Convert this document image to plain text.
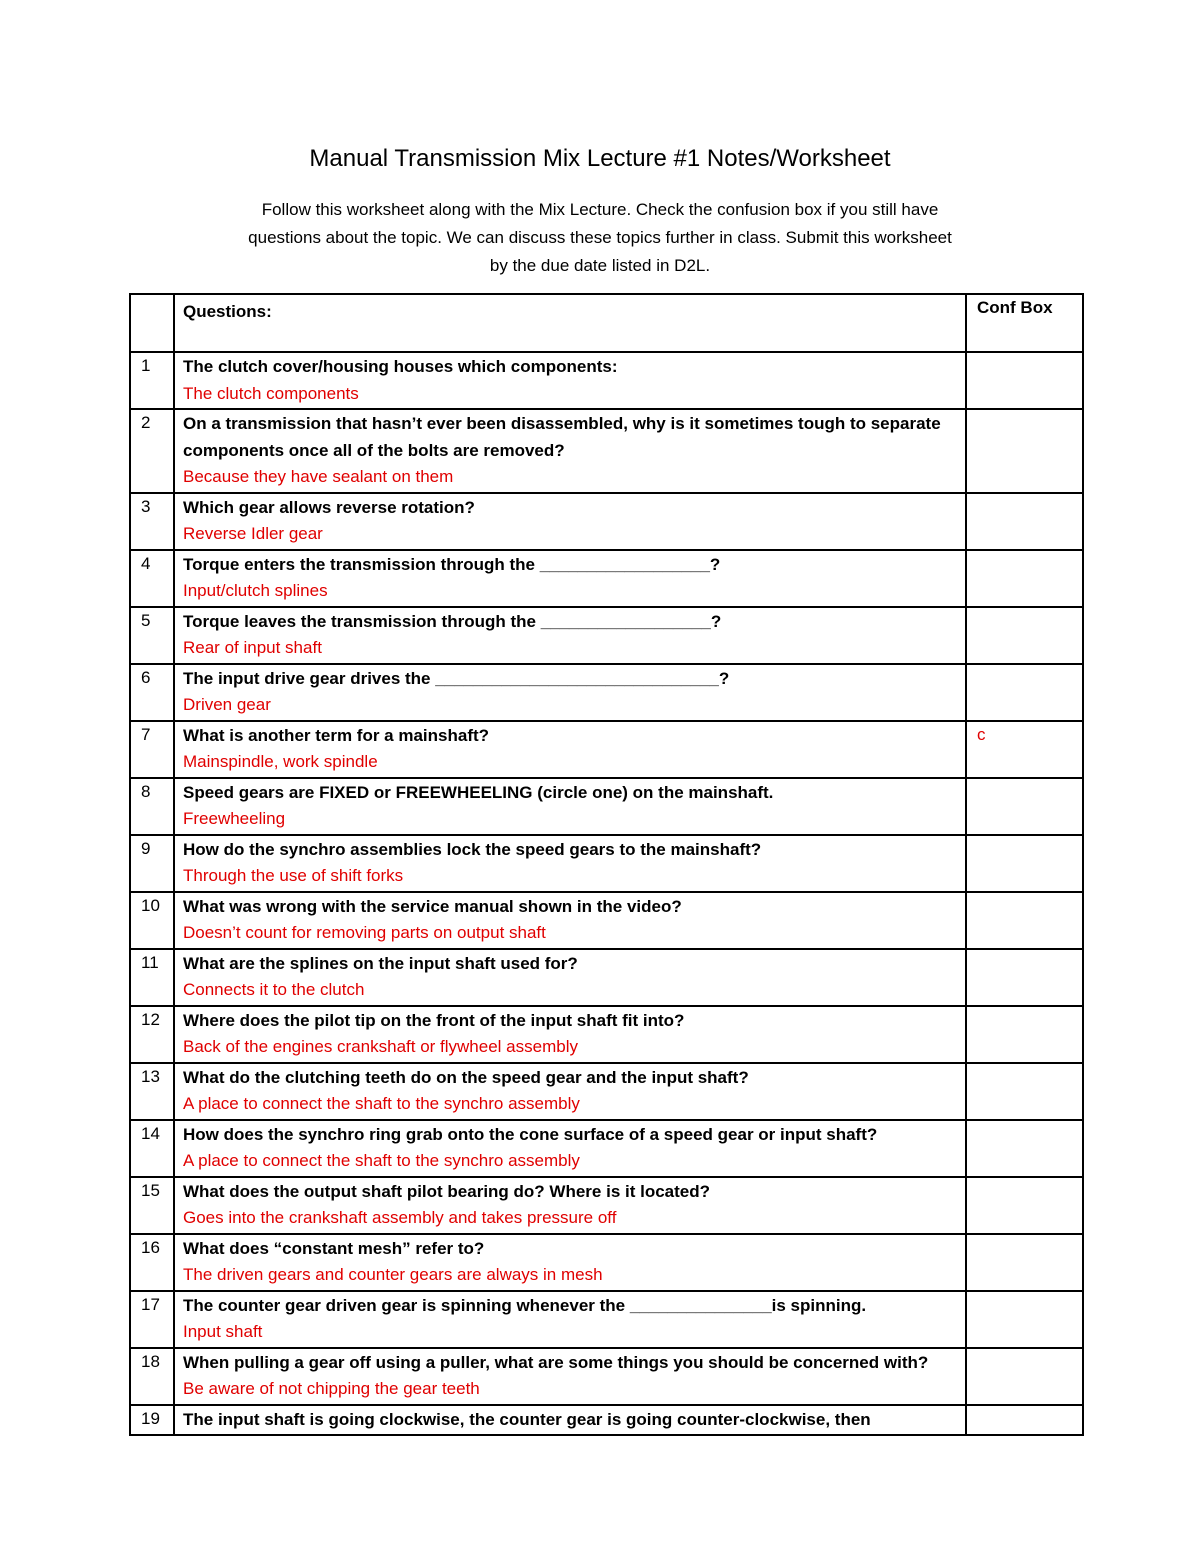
Manual Transmission Mix Lecture #1 Notes/Worksheet
Follow this worksheet along with the Mix Lecture. Check the confusion box if you still have
questions about the topic. We can discuss these topics further in class. Submit this worksheet
by the due date listed in D2L.
	Questions:	Conf Box
1	The clutch cover/housing houses which components:
The clutch components	

2	On a transmission that hasn’t ever been disassembled, why is it sometimes tough to separate components once all of the bolts are removed?
Because they have sealant on them	

3	Which gear allows reverse rotation?
Reverse Idler gear	

4	Torque enters the transmission through the __________________?
Input/clutch splines	

5	Torque leaves the transmission through the __________________?
Rear of input shaft	

6	The input drive gear drives the ______________________________?
Driven gear	

7	What is another term for a mainshaft?
Mainspindle, work spindle	c
8	Speed gears are FIXED or FREEWHEELING (circle one) on the mainshaft.
Freewheeling	

9	How do the synchro assemblies lock the speed gears to the mainshaft?
Through the use of shift forks	

10	What was wrong with the service manual shown in the video?
Doesn’t count for removing parts on output shaft	

11	What are the splines on the input shaft used for?
Connects it to the clutch	

12	Where does the pilot tip on the front of the input shaft fit into?
Back of the engines crankshaft or flywheel assembly	

13	What do the clutching teeth do on the speed gear and the input shaft?
A place to connect the shaft to the synchro assembly	

14	How does the synchro ring grab onto the cone surface of a speed gear or input shaft?
A place to connect the shaft to the synchro assembly	

15	What does the output shaft pilot bearing do? Where is it located?
Goes into the crankshaft assembly and takes pressure off	

16	What does “constant mesh” refer to?
The driven gears and counter gears are always in mesh	

17	The counter gear driven gear is spinning whenever the _______________is spinning.
Input shaft	

18	When pulling a gear off using a puller, what are some things you should be concerned with?
Be aware of not chipping the gear teeth	

19	The input shaft is going clockwise, the counter gear is going counter-clockwise, then	
